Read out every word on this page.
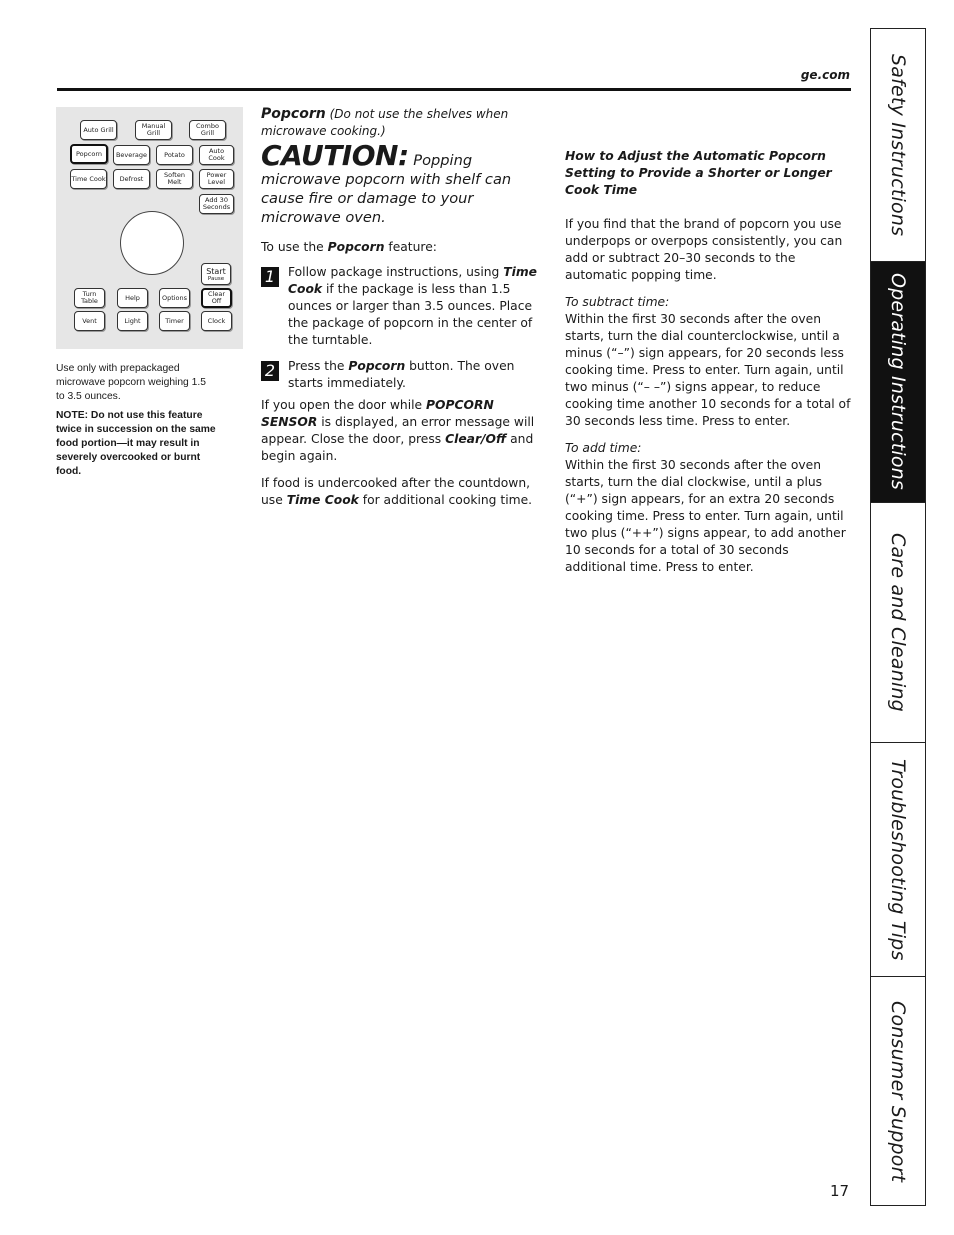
ge.com Safety Instructions
Operating Instructions
Care and Cleaning
Troubleshooting Tips
Consumer Support
Auto Grill	Manual Grill
Combo Grill
Popcorn	Beverage	Potato	Auto Cook
Time Cook	Defrost	Soften Melt
Power Level
Add 30 Seconds
Start
Pause
Turn Table	Help	Options	Clear Off
Vent	Light	Timer	Clock
Use only with prepackaged microwave popcorn weighing 1.5 to 3.5 ounces.
NOTE: Do not use this feature twice in succession on the same food portion—it may result in severely overcooked or burnt food.

Popcorn (Do not use the shelves when microwave cooking.)

CAUTION: Popping microwave popcorn with shelf can cause fire or damage to your microwave oven.

To use the Popcorn feature:

1	Follow package instructions, using Time Cook if the package is less than 1.5 ounces or larger than 3.5 ounces. Place the package of popcorn in the center of the turntable.
2	Press the Popcorn button. The oven starts immediately.

If you open the door while POPCORN SENSOR is displayed, an error message will appear. Close the door, press Clear/Off and begin again.

If food is undercooked after the countdown, use Time Cook for additional cooking time.

How to Adjust the Automatic Popcorn Setting to Provide a Shorter or Longer Cook Time

If you find that the brand of popcorn you use underpops or overpops consistently, you can add or subtract 20–30 seconds to the automatic popping time.

To subtract time:

Within the first 30 seconds after the oven starts, turn the dial counterclockwise, until a minus (“–”) sign appears, for 20 seconds less cooking time. Press to enter. Turn again, until two minus (“– –”) signs appear, to reduce cooking time another 10 seconds for a total of 30 seconds less time. Press to enter.

To add time:

Within the first 30 seconds after the oven starts, turn the dial clockwise, until a plus (“+”) sign appears, for an extra 20 seconds cooking time. Press to enter. Turn again, until two plus (“++”) signs appear, to add another 10 seconds for a total of 30 seconds additional time. Press to enter.

17
